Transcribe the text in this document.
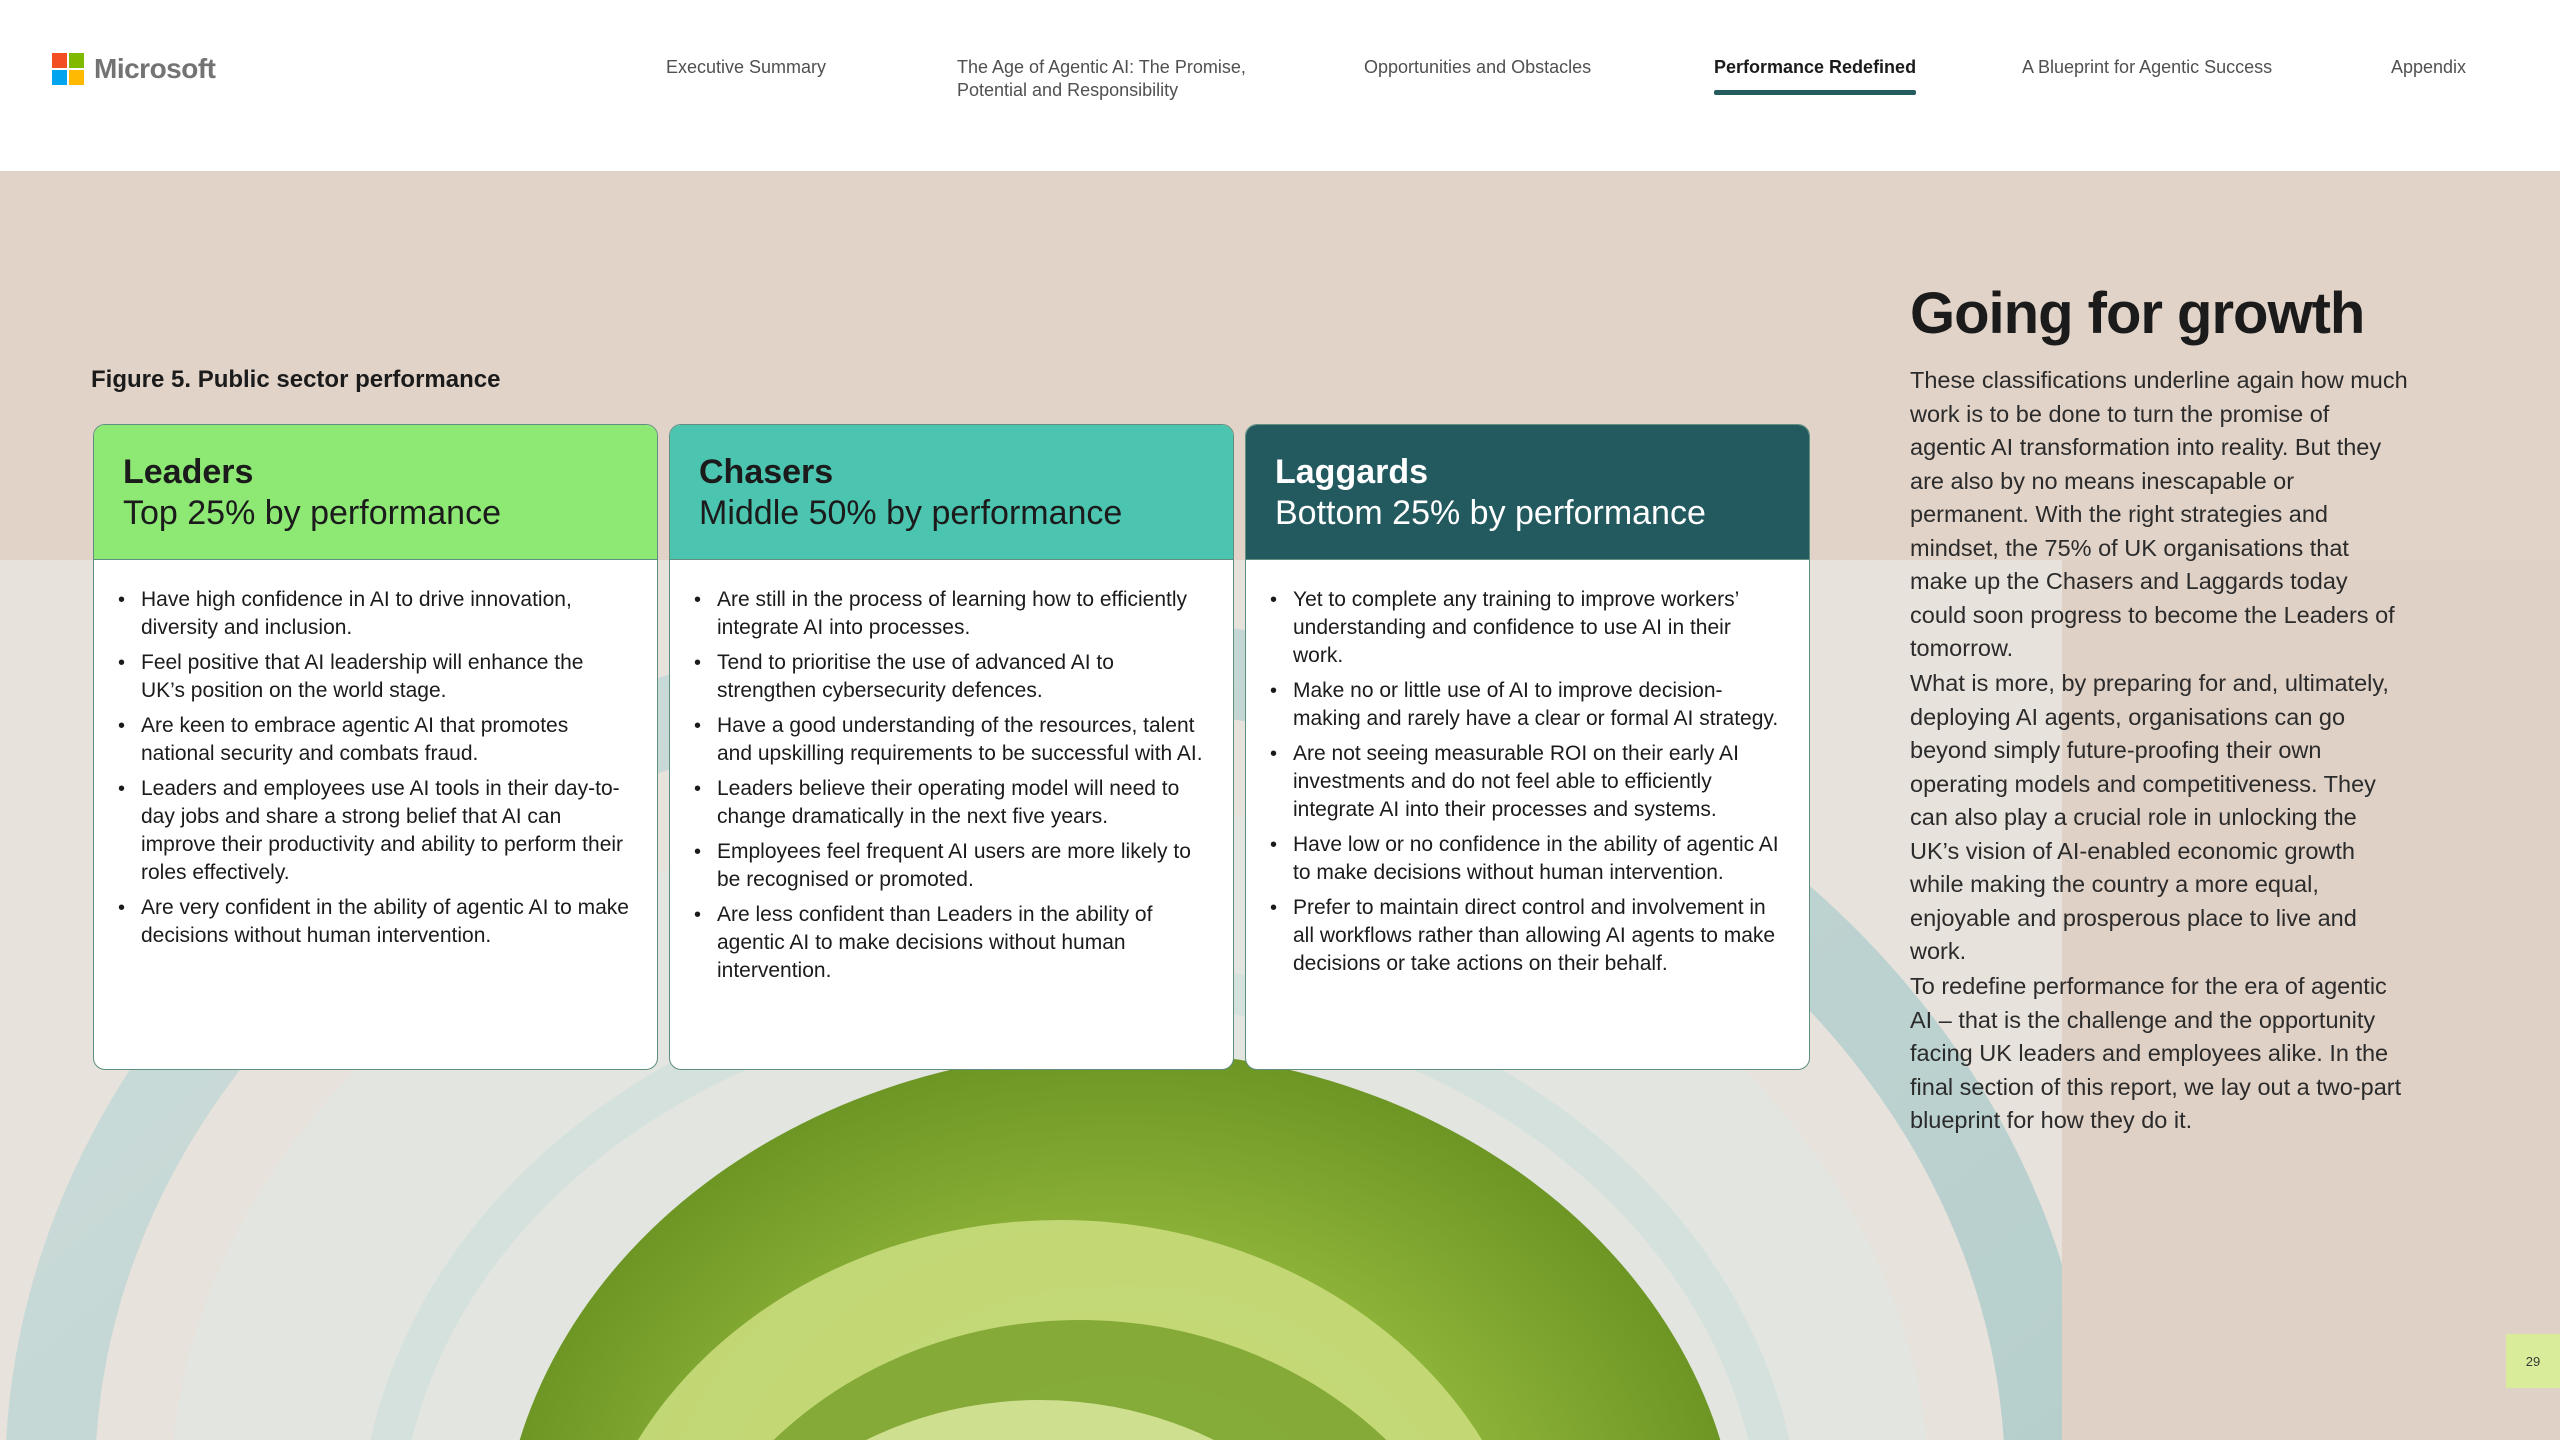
Microsoft	Executive Summary	The Age of Agentic AI: The Promise,
Potential and Responsibility
Opportunities and Obstacles	Performance Redefined	A Blueprint for Agentic Success	Appendix
Figure 5. Public sector performance
Leaders
Top 25% by performance
• Have high confidence in AI to drive innovation, diversity and inclusion.
• Feel positive that AI leadership will enhance the UK’s position on the world stage.
• Are keen to embrace agentic AI that promotes national security and combats fraud.
• Leaders and employees use AI tools in their day-to-day jobs and share a strong belief that AI can improve their productivity and ability to perform their roles effectively.
• Are very confident in the ability of agentic AI to make decisions without human intervention.
Chasers
Middle 50% by performance
• Are still in the process of learning how to efficiently integrate AI into processes.
• Tend to prioritise the use of advanced AI to strengthen cybersecurity defences.
• Have a good understanding of the resources, talent and upskilling requirements to be successful with AI.
• Leaders believe their operating model will need to change dramatically in the next five years.
• Employees feel frequent AI users are more likely to be recognised or promoted.
• Are less confident than Leaders in the ability of agentic AI to make decisions without human intervention.
Laggards
Bottom 25% by performance
• Yet to complete any training to improve workers’ understanding and confidence to use AI in their work.
• Make no or little use of AI to improve decision-making and rarely have a clear or formal AI strategy.
• Are not seeing measurable ROI on their early AI investments and do not feel able to efficiently integrate AI into their processes and systems.
• Have low or no confidence in the ability of agentic AI to make decisions without human intervention.
• Prefer to maintain direct control and involvement in all workflows rather than allowing AI agents to make decisions or take actions on their behalf.
Going for growth

These classifications underline again how much work is to be done to turn the promise of agentic AI transformation into reality. But they are also by no means inescapable or permanent. With the right strategies and mindset, the 75% of UK organisations that make up the Chasers and Laggards today could soon progress to become the Leaders of tomorrow.

What is more, by preparing for and, ultimately, deploying AI agents, organisations can go beyond simply future-proofing their own operating models and competitiveness. They can also play a crucial role in unlocking the UK’s vision of AI-enabled economic growth while making the country a more equal, enjoyable and prosperous place to live and work.

To redefine performance for the era of agentic AI – that is the challenge and the opportunity facing UK leaders and employees alike. In the final section of this report, we lay out a two-part blueprint for how they do it.

29
